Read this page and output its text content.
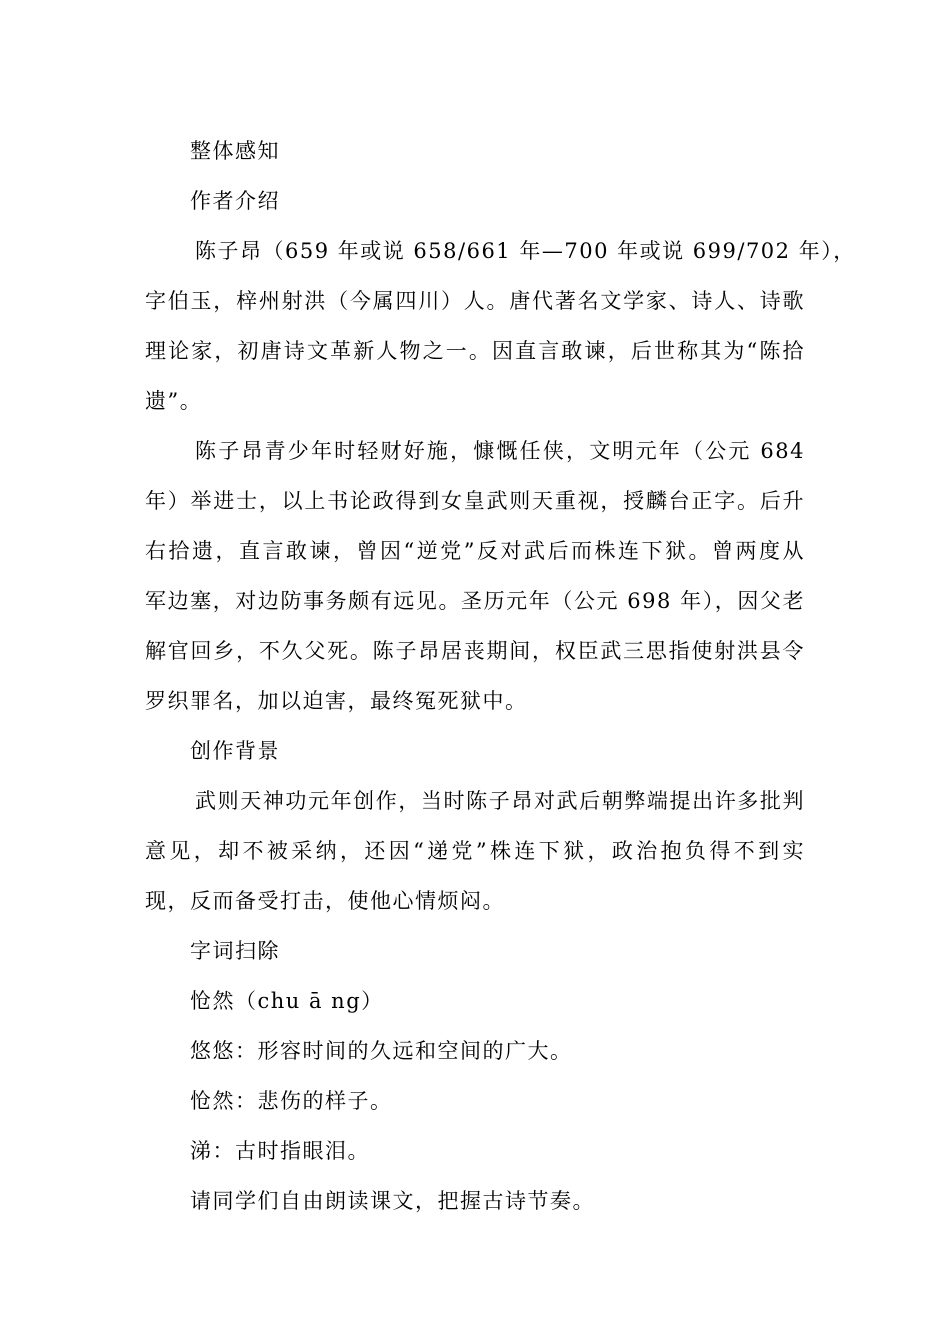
整体感知
作者介绍
陈子昂（659 年或说 658/661 年—700 年或说 699/702 年），
字伯玉，梓州射洪（今属四川）人。唐代著名文学家、诗人、诗歌
理论家，初唐诗文革新人物之一。因直言敢谏，后世称其为“陈拾
遗”。
陈子昂青少年时轻财好施，慷慨任侠，文明元年（公元 684
年）举进士，以上书论政得到女皇武则天重视，授麟台正字。后升
右拾遗，直言敢谏，曾因“逆党”反对武后而株连下狱。曾两度从
军边塞，对边防事务颇有远见。圣历元年（公元 698 年），因父老
解官回乡，不久父死。陈子昂居丧期间，权臣武三思指使射洪县令
罗织罪名，加以迫害，最终冤死狱中。
创作背景
武则天神功元年创作，当时陈子昂对武后朝弊端提出许多批判
意见，却不被采纳，还因“递党”株连下狱，政治抱负得不到实
现，反而备受打击，使他心情烦闷。
字词扫除
怆然（chu ā ng）
悠悠：形容时间的久远和空间的广大。
怆然：悲伤的样子。
涕：古时指眼泪。
请同学们自由朗读课文，把握古诗节奏。
